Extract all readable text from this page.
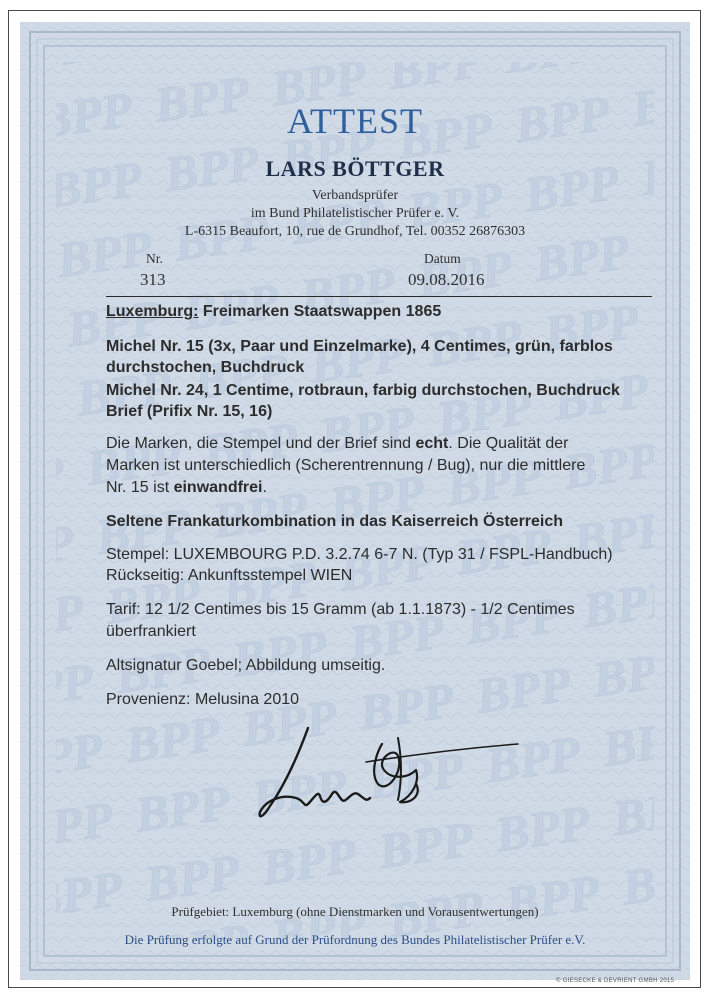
ATTEST
LARS BÖTTGER
Verbandsprüfer
im Bund Philatelistischer Prüfer e. V.
L-6315 Beaufort, 10, rue de Grundhof, Tel. 00352 26876303
Nr.	Datum
313	09.08.2016
Luxemburg: Freimarken Staatswappen 1865
Michel Nr. 15 (3x, Paar und Einzelmarke), 4 Centimes, grün, farblos
durchstochen, Buchdruck
Michel Nr. 24, 1 Centime, rotbraun, farbig durchstochen, Buchdruck
Brief (Prifix Nr. 15, 16)
Die Marken, die Stempel und der Brief sind echt. Die Qualität der
Marken ist unterschiedlich (Scherentrennung / Bug), nur die mittlere
Nr. 15 ist einwandfrei.
Seltene Frankaturkombination in das Kaiserreich Österreich
Stempel: LUXEMBOURG P.D. 3.2.74 6-7 N. (Typ 31 / FSPL-Handbuch)
Rückseitig: Ankunftsstempel WIEN
Tarif: 12 1/2 Centimes bis 15 Gramm (ab 1.1.1873) - 1/2 Centimes
überfrankiert
Altsignatur Goebel; Abbildung umseitig.
Provenienz: Melusina 2010
Prüfgebiet: Luxemburg (ohne Dienstmarken und Vorausentwertungen)
Die Prüfung erfolgte auf Grund der Prüfordnung des Bundes Philatelistischer Prüfer e.V.
© GIESECKE & DEVRIENT GMBH 2015
